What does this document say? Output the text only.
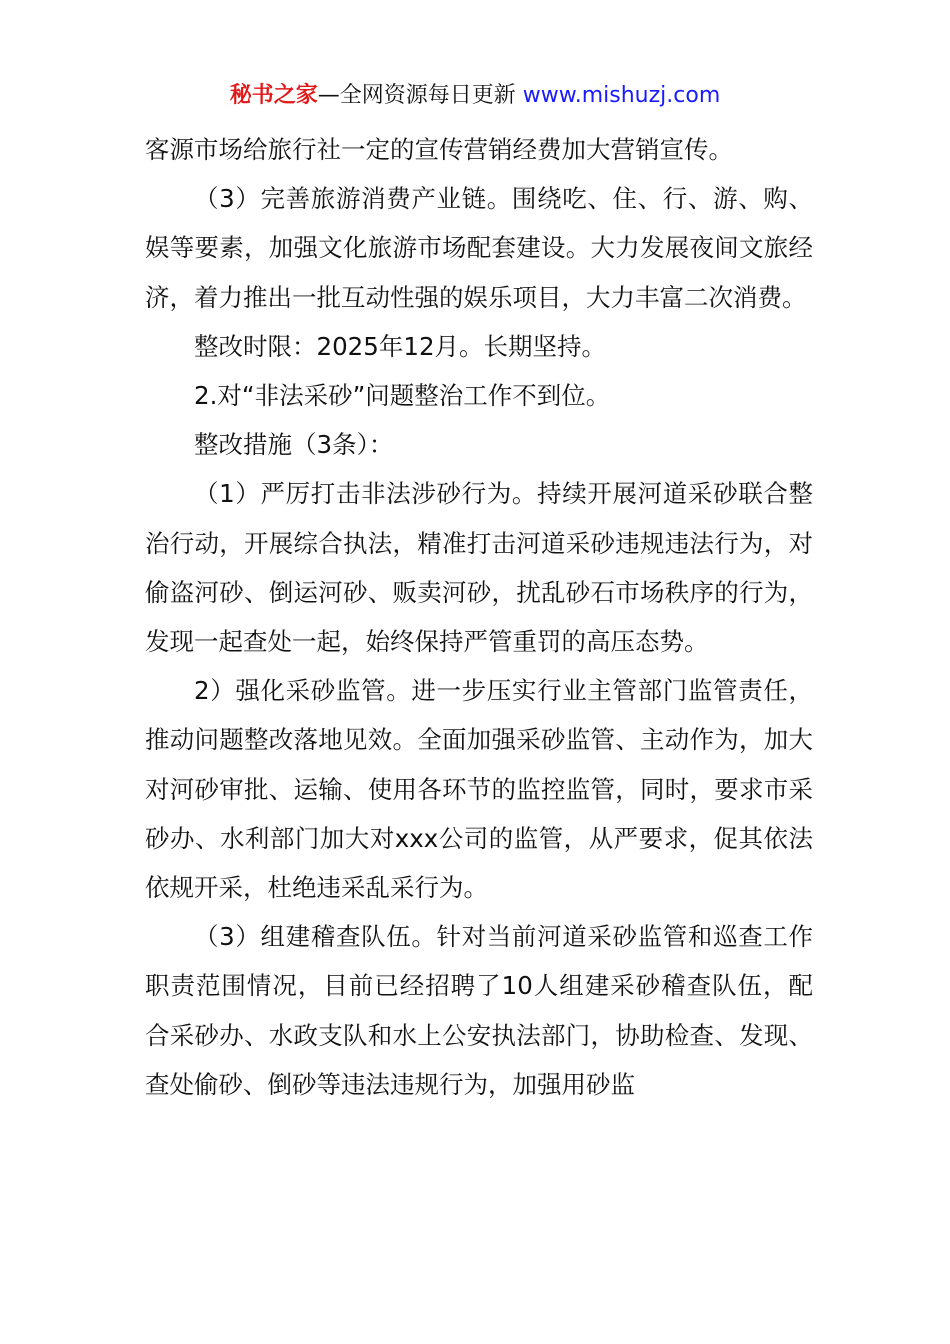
秘书之家—全网资源每日更新 www.mishuzj.com

客源市场给旅行社一定的宣传营销经费加大营销宣传。

（3）完善旅游消费产业链。围绕吃、住、行、游、购、娱等要素，加强文化旅游市场配套建设。大力发展夜间文旅经济，着力推出一批互动性强的娱乐项目，大力丰富二次消费。

整改时限：2025年12月。长期坚持。

2.对“非法采砂”问题整治工作不到位。

整改措施（3条）：

（1）严厉打击非法涉砂行为。持续开展河道采砂联合整治行动，开展综合执法，精准打击河道采砂违规违法行为，对偷盗河砂、倒运河砂、贩卖河砂，扰乱砂石市场秩序的行为，发现一起查处一起，始终保持严管重罚的高压态势。

2）强化采砂监管。进一步压实行业主管部门监管责任，推动问题整改落地见效。全面加强采砂监管、主动作为，加大对河砂审批、运输、使用各环节的监控监管，同时，要求市采砂办、水利部门加大对xxx公司的监管，从严要求，促其依法依规开采，杜绝违采乱采行为。

（3）组建稽查队伍。针对当前河道采砂监管和巡查工作职责范围情况，目前已经招聘了10人组建采砂稽查队伍，配合采砂办、水政支队和水上公安执法部门，协助检查、发现、查处偷砂、倒砂等违法违规行为，加强用砂监
